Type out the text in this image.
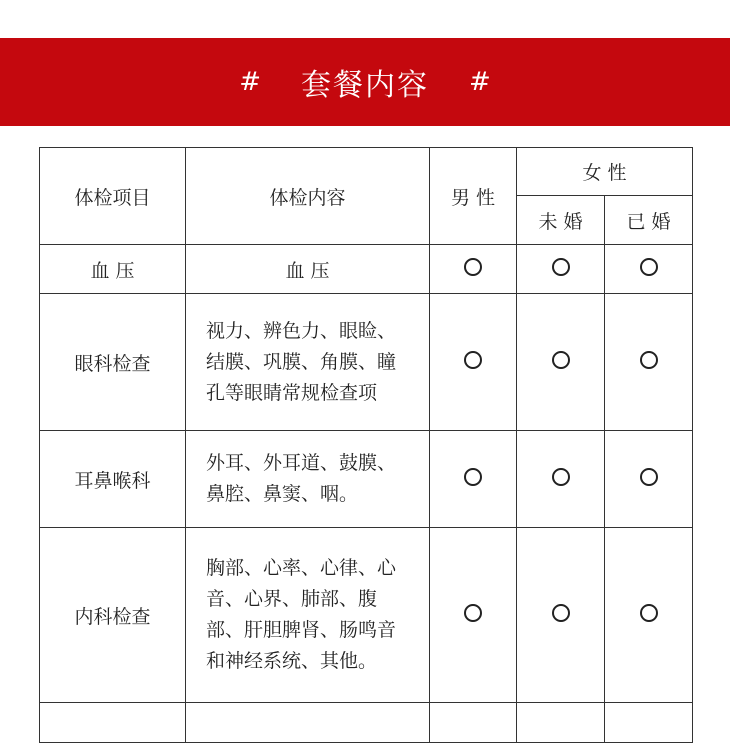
# 套餐内容 #
体检项目	体检内容	男 性	女 性	
			未 婚	已 婚
血 压	血 压			
眼科检查	视力、辨色力、眼睑、结膜、巩膜、角膜、瞳孔等眼睛常规检查项			
耳鼻喉科	外耳、外耳道、鼓膜、鼻腔、鼻窦、咽。			
内科检查	胸部、心率、心律、心音、心界、肺部、腹部、肝胆脾肾、肠鸣音和神经系统、其他。			
